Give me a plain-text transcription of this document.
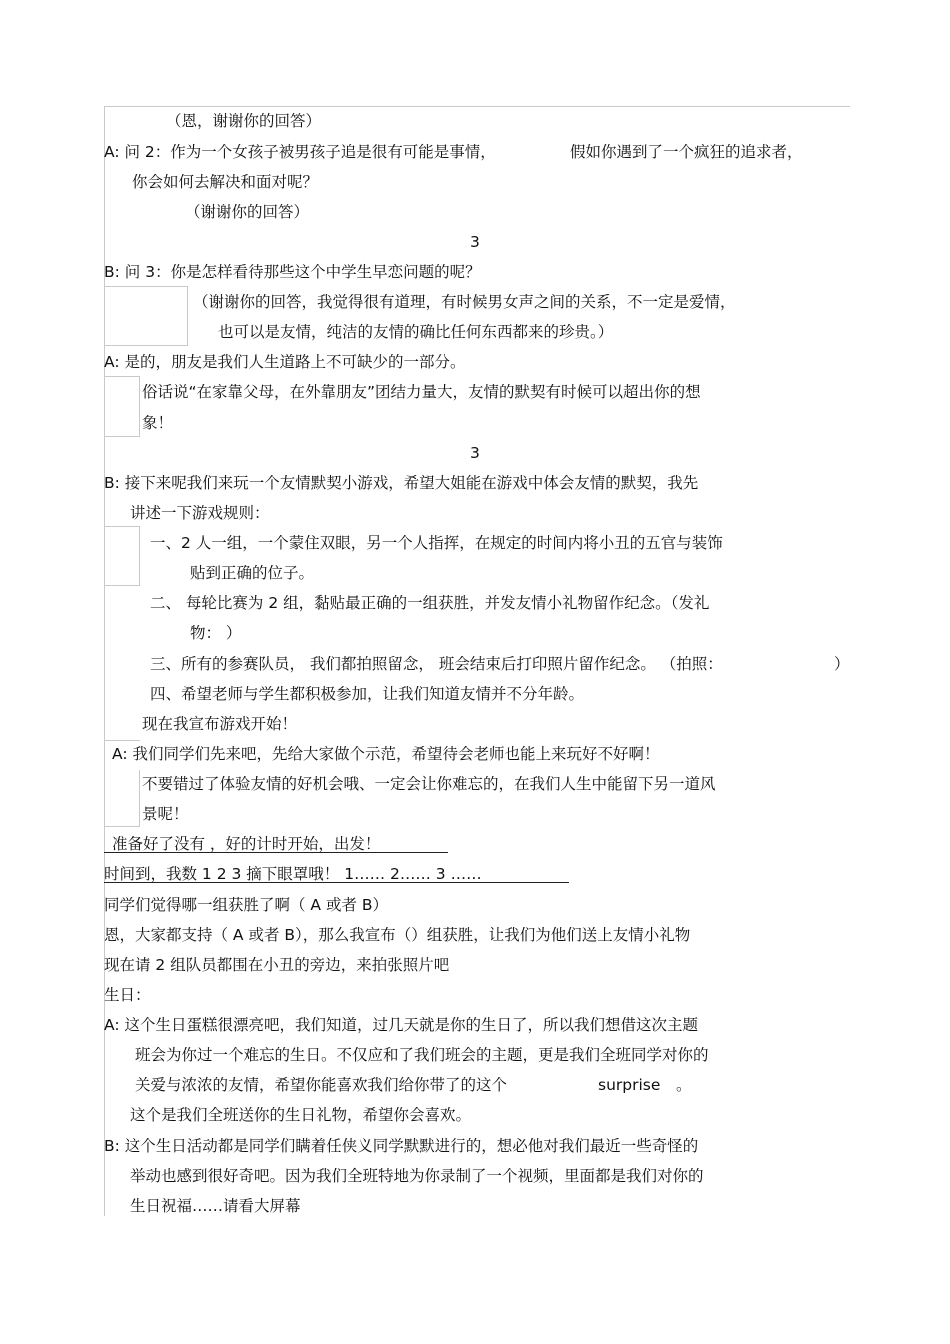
（恩，谢谢你的回答）
A: 问 2：作为一个女孩子被男孩子追是很有可能是事情，	假如你遇到了一个疯狂的追求者，
你会如何去解决和面对呢？
（谢谢你的回答）
3
B: 问 3：你是怎样看待那些这个中学生早恋问题的呢？
（谢谢你的回答，我觉得很有道理，有时候男女声之间的关系，不一定是爱情，
也可以是友情，纯洁的友情的确比任何东西都来的珍贵。）
A: 是的，朋友是我们人生道路上不可缺少的一部分。
俗话说“在家靠父母，在外靠朋友”团结力量大，友情的默契有时候可以超出你的想
象！
3
B: 接下来呢我们来玩一个友情默契小游戏，希望大姐能在游戏中体会友情的默契，我先
讲述一下游戏规则：
一、2 人一组，一个蒙住双眼，另一个人指挥，在规定的时间内将小丑的五官与装饰
贴到正确的位子。
二、 每轮比赛为 2 组，黏贴最正确的一组获胜，并发友情小礼物留作纪念。（发礼
物： ）
三、所有的参赛队员， 我们都拍照留念， 班会结束后打印照片留作纪念。 （拍照：	）
四、希望老师与学生都积极参加，让我们知道友情并不分年龄。
现在我宣布游戏开始！
A: 我们同学们先来吧，先给大家做个示范，希望待会老师也能上来玩好不好啊！
不要错过了体验友情的好机会哦、一定会让你难忘的，在我们人生中能留下另一道风
景呢！
准备好了没有 ，好的计时开始，出发！
时间到，我数 1 2 3 摘下眼罩哦！ 1…… 2…… 3 ……
同学们觉得哪一组获胜了啊（ A 或者 B）
恩，大家都支持（ A 或者 B），那么我宣布（）组获胜，让我们为他们送上友情小礼物
现在请 2 组队员都围在小丑的旁边，来拍张照片吧
生日：
A: 这个生日蛋糕很漂亮吧，我们知道，过几天就是你的生日了，所以我们想借这次主题
班会为你过一个难忘的生日。不仅应和了我们班会的主题，更是我们全班同学对你的
关爱与浓浓的友情，希望你能喜欢我们给你带了的这个	surprise 。
这个是我们全班送你的生日礼物，希望你会喜欢。
B: 这个生日活动都是同学们瞒着任侠义同学默默进行的，想必他对我们最近一些奇怪的
举动也感到很好奇吧。因为我们全班特地为你录制了一个视频，里面都是我们对你的
生日祝福……请看大屏幕
